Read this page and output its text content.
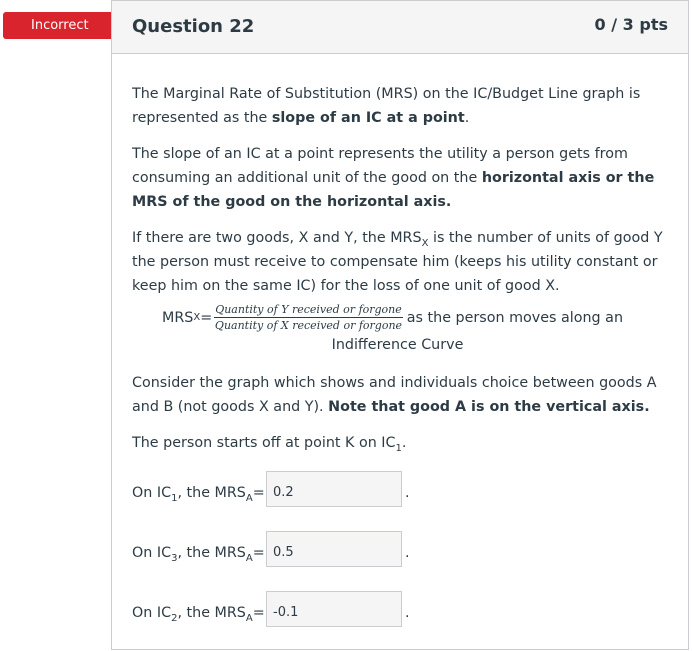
Incorrect	Question 22	0 / 3 pts

The Marginal Rate of Substitution (MRS) on the IC/Budget Line graph is represented as the slope of an IC at a point.

The slope of an IC at a point represents the utility a person gets from consuming an additional unit of the good on the horizontal axis or the MRS of the good on the horizontal axis.

If there are two goods, X and Y, the $MRS_X$ is the number of units of good Y the person must receive to compensate him (keeps his utility constant or keep him on the same IC) for the loss of one unit of good X.

MRS $X = \frac{\text{Quantity of Y received or forgone}}{\text{Quantity of X received or forgone}}$ as the person moves along an

Indifference Curve

Consider the graph which shows and individuals choice between goods A and B (not goods X and Y). Note that good A is on the vertical axis.

The person starts off at point K on $IC_1$.

On $IC_1$, the $MRS_A= 0.2$	.
On $IC_3$, the $MRS_A= 0.5$	.
On $IC_2$, the $MRS_A= -0.1$	.
